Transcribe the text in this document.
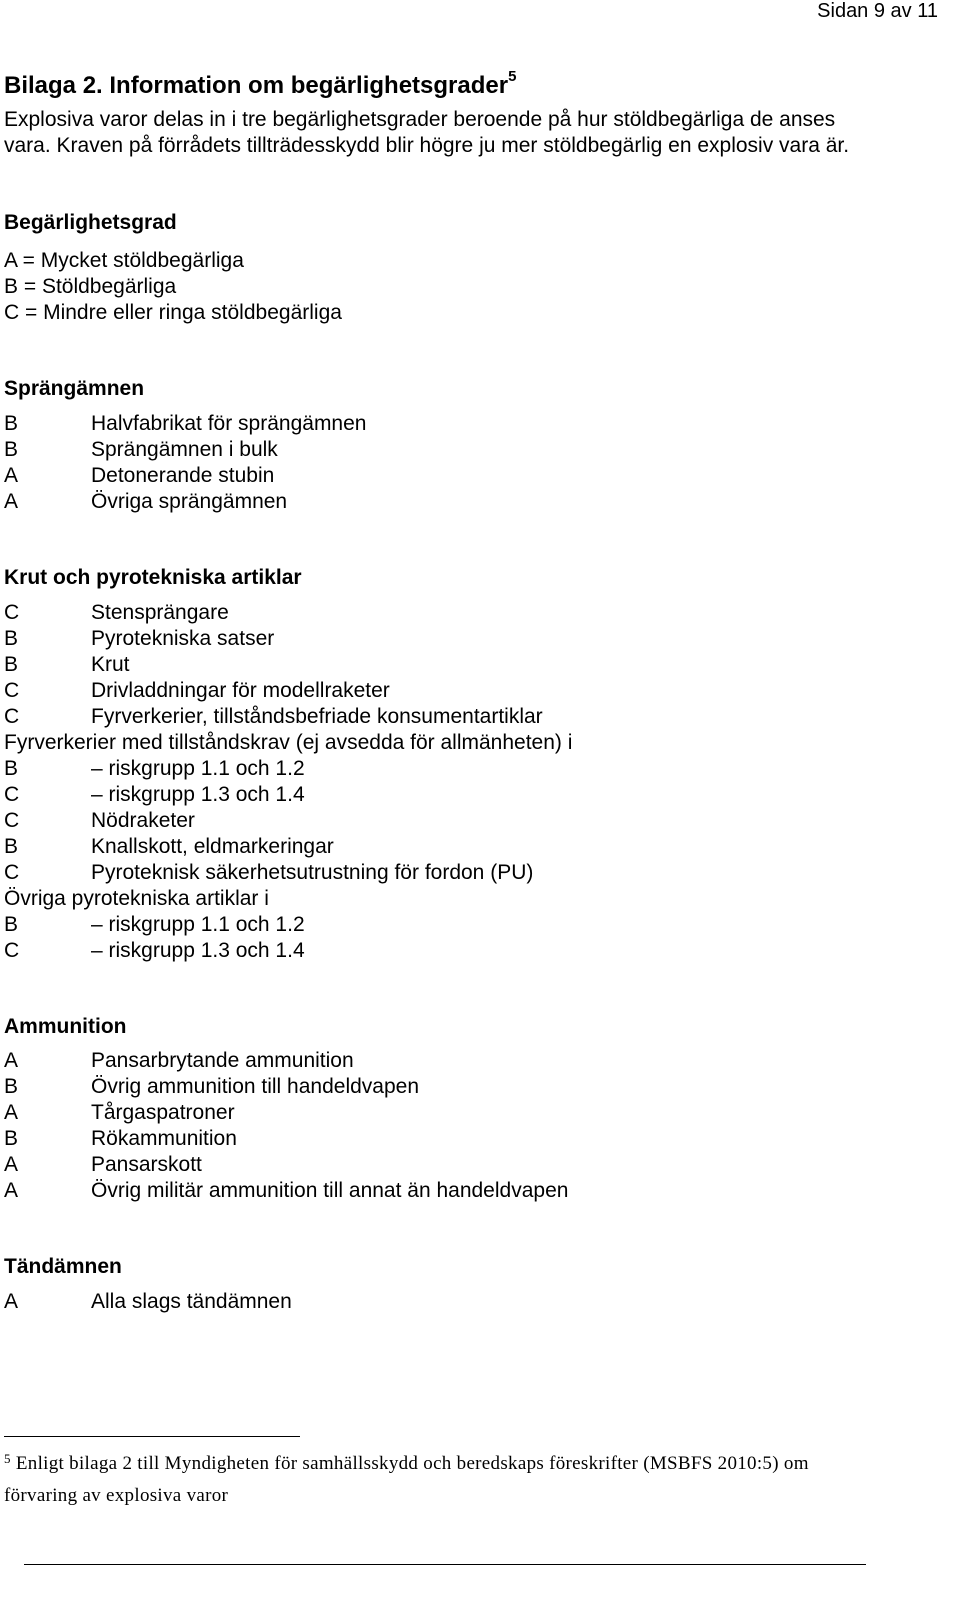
Sidan 9 av 11
Bilaga 2. Information om begärlighetsgrader$^5$
Explosiva varor delas in i tre begärlighetsgrader beroende på hur stöldbegärliga de anses
vara. Kraven på förrådets tillträdesskydd blir högre ju mer stöldbegärlig en explosiv vara är.
Begärlighetsgrad
A = Mycket stöldbegärliga
B = Stöldbegärliga
C = Mindre eller ringa stöldbegärliga
Sprängämnen
B	Halvfabrikat för sprängämnen
B	Sprängämnen i bulk
A	Detonerande stubin
A	Övriga sprängämnen
Krut och pyrotekniska artiklar
C	Stensprängare
B	Pyrotekniska satser
B	Krut
C	Drivladdningar för modellraketer
C	Fyrverkerier, tillståndsbefriade konsumentartiklar
Fyrverkerier med tillståndskrav (ej avsedda för allmänheten) i
B	– riskgrupp 1.1 och 1.2
C	– riskgrupp 1.3 och 1.4
C	Nödraketer
B	Knallskott, eldmarkeringar
C	Pyroteknisk säkerhetsutrustning för fordon (PU)
Övriga pyrotekniska artiklar i
B	– riskgrupp 1.1 och 1.2
C	– riskgrupp 1.3 och 1.4
Ammunition
A	Pansarbrytande ammunition
B	Övrig ammunition till handeldvapen
A	Tårgaspatroner
B	Rökammunition
A	Pansarskott
A	Övrig militär ammunition till annat än handeldvapen
Tändämnen
A	Alla slags tändämnen
$^5$ Enligt bilaga 2 till Myndigheten för samhällsskydd och beredskaps föreskrifter (MSBFS 2010:5) om
förvaring av explosiva varor
